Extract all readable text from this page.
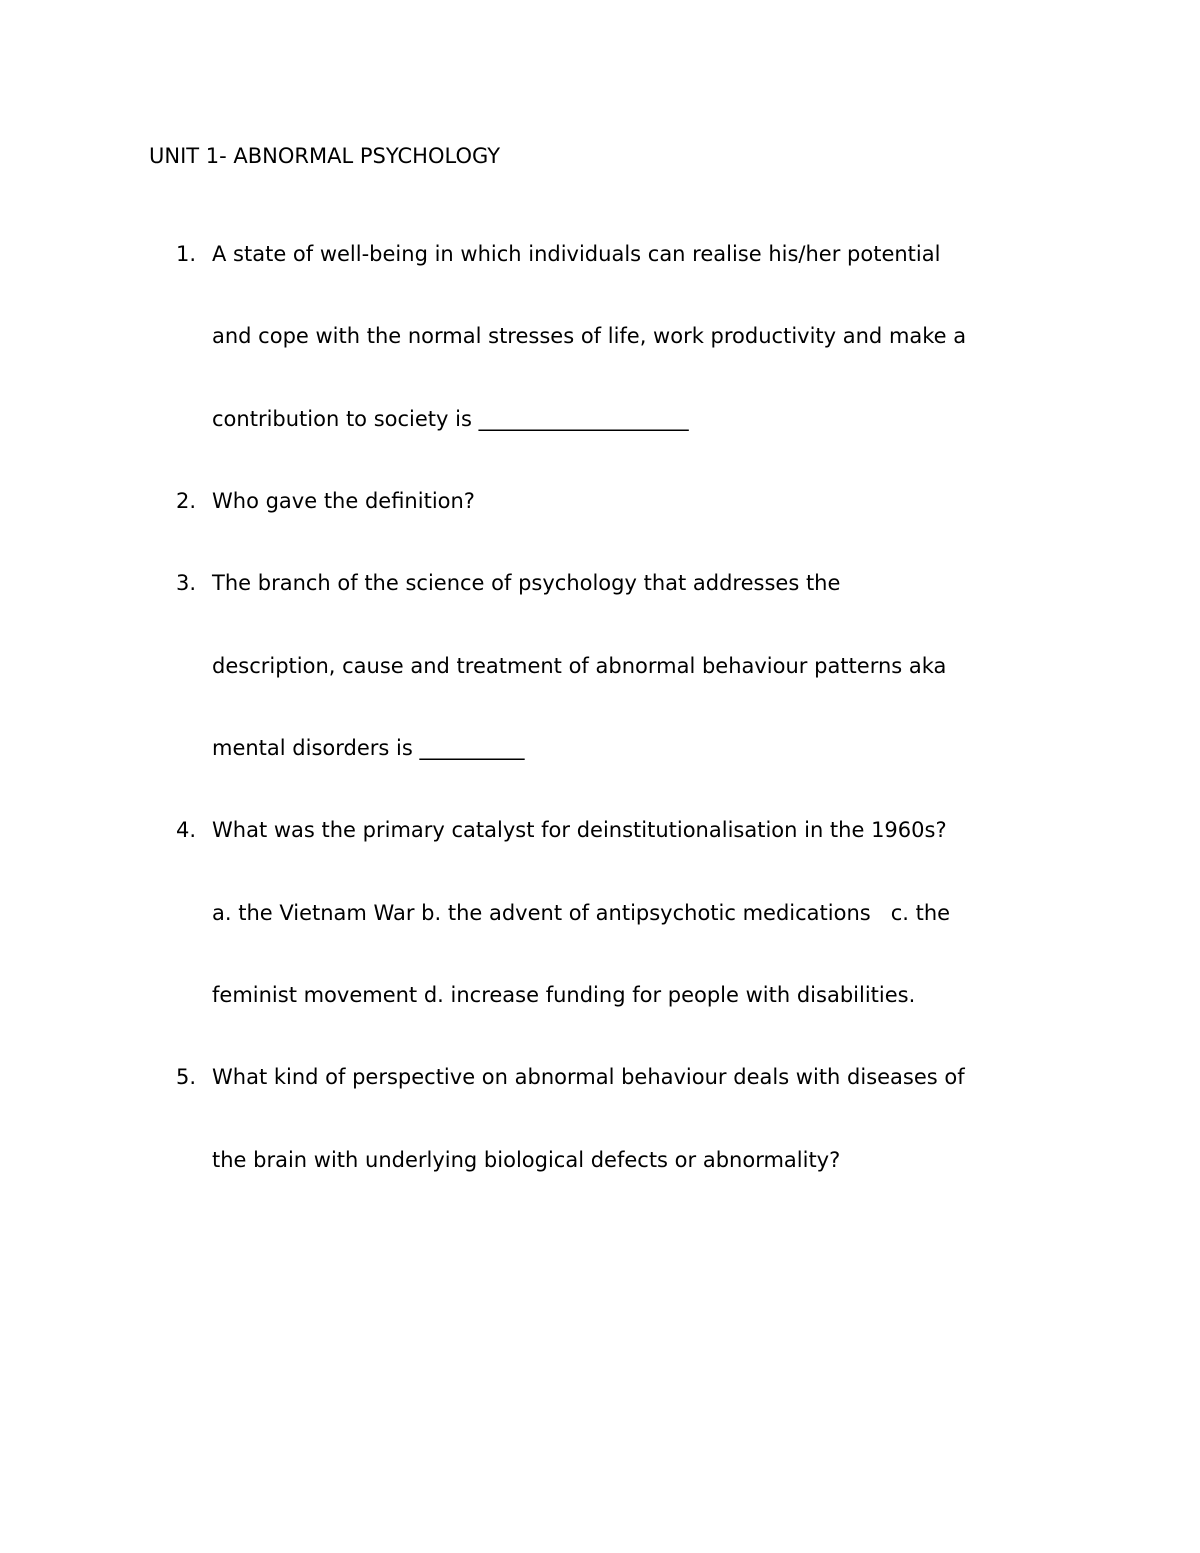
UNIT 1- ABNORMAL PSYCHOLOGY
1. A state of well-being in which individuals can realise his/her potential
and cope with the normal stresses of life, work productivity and make a
contribution to society is ____________________
2. Who gave the definition?
3. The branch of the science of psychology that addresses the
description, cause and treatment of abnormal behaviour patterns aka
mental disorders is __________
4. What was the primary catalyst for deinstitutionalisation in the 1960s?
a. the Vietnam War b. the advent of antipsychotic medications   c. the
feminist movement d. increase funding for people with disabilities.
5. What kind of perspective on abnormal behaviour deals with diseases of
the brain with underlying biological defects or abnormality?
